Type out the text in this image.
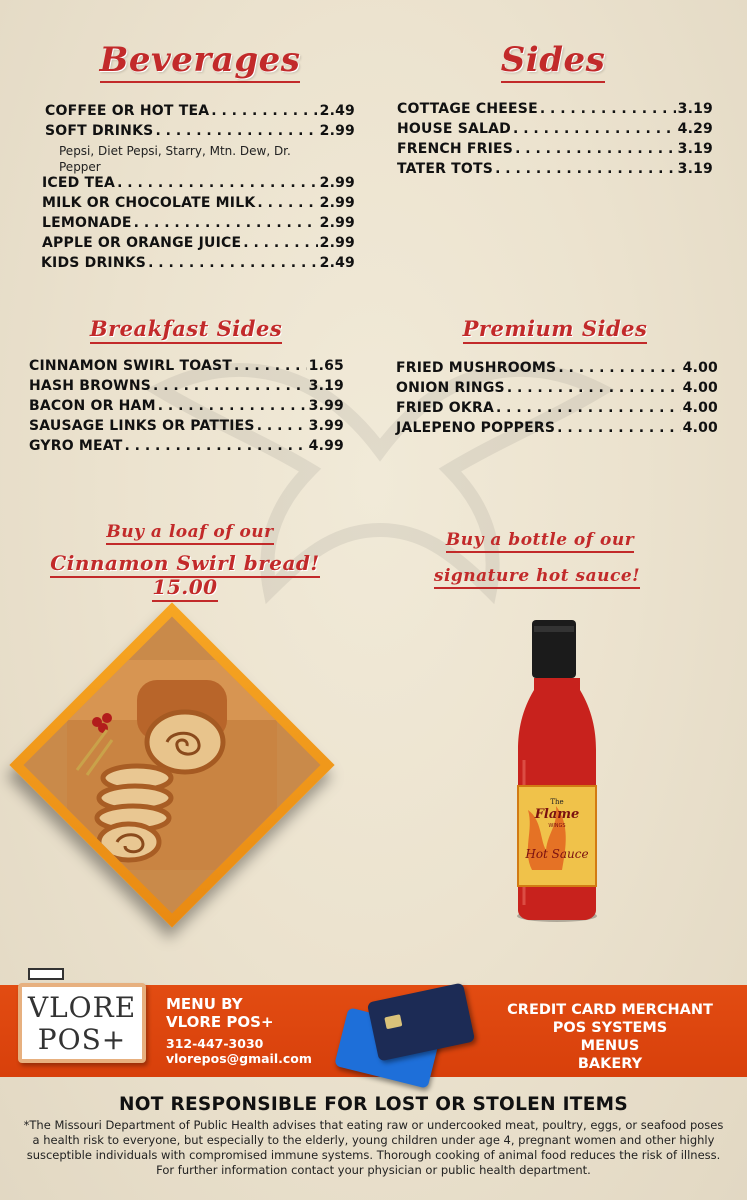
Beverages
COFFEE OR HOT TEA . . .	2.49
SOFT DRINKS . . .	2.99
Pepsi, Diet Pepsi, Starry, Mtn. Dew, Dr. Pepper
ICED TEA . . .	2.99
MILK OR CHOCOLATE MILK . . .	2.99
LEMONADE . . .	2.99
APPLE OR ORANGE JUICE . . .	2.99
KIDS DRINKS . . .	2.49
Sides
COTTAGE CHEESE . . .	3.19
HOUSE SALAD . . .	4.29
FRENCH FRIES . . .	3.19
TATER TOTS . . .	3.19
Breakfast Sides
CINNAMON SWIRL TOAST . . .	1.65
HASH BROWNS . . .	3.19
BACON OR HAM . . .	3.99
SAUSAGE LINKS OR PATTIES . . .	3.99
GYRO MEAT . . .	4.99
Premium Sides
FRIED MUSHROOMS . . .	4.00
ONION RINGS . . .	4.00
FRIED OKRA . . .	4.00
JALEPENO POPPERS . . .	4.00
Buy a loaf of our
Cinnamon Swirl bread! 15.00
Buy a bottle of our
signature hot sauce!
The
Flame
WINGS
Hot Sauce
VLORE
POS+
MENU BY
VLORE POS+
312-447-3030
vlorepos@gmail.com
CREDIT CARD MERCHANT
POS SYSTEMS
MENUS
BAKERY
NOT RESPONSIBLE FOR LOST OR STOLEN ITEMS
*The Missouri Department of Public Health advises that eating raw or undercooked meat, poultry, eggs, or seafood poses a health risk to everyone, but especially to the elderly, young children under age 4, pregnant women and other highly susceptible individuals with compromised immune systems. Thorough cooking of animal food reduces the risk of illness. For further information contact your physician or public health department.
